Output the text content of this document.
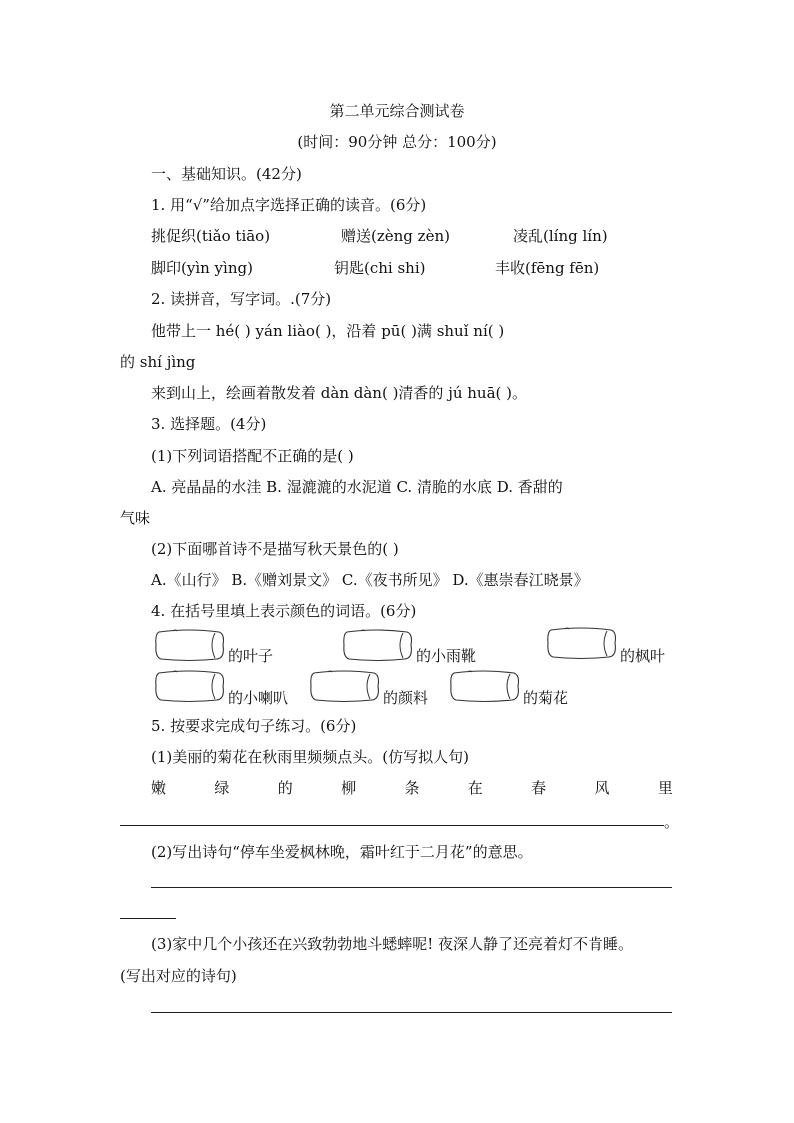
第二单元综合测试卷
(时间：90分钟 总分：100分)
一、基础知识。(42分)
1. 用“√”给加点字选择正确的读音。(6分)
挑促织(tiǎo tiāo)	赠送(zèng zèn)	凌乱(líng lín)
脚印(yìn yìng)	钥匙(chi shi)	丰收(fēng fēn)
2. 读拼音，写字词。.(7分)
他带上一 hé( ) yán liào( )，沿着 pū( )满 shuǐ ní( )
的 shí jìng
来到山上，绘画着散发着 dàn dàn( )清香的 jú huā( )。
3. 选择题。(4分)
(1)下列词语搭配不正确的是( )
A. 亮晶晶的水洼 B. 湿漉漉的水泥道 C. 清脆的水底 D. 香甜的
气味
(2)下面哪首诗不是描写秋天景色的( )
A.《山行》 B.《赠刘景文》 C.《夜书所见》 D.《惠崇春江晓景》
4. 在括号里填上表示颜色的词语。(6分)
的叶子	的小雨靴	的枫叶
的小喇叭	的颜料	的菊花
5. 按要求完成句子练习。(6分)
(1)美丽的菊花在秋雨里频频点头。(仿写拟人句)
嫩	绿	的	柳	条	在	春	风	里
。
(2)写出诗句“停车坐爱枫林晚，霜叶红于二月花”的意思。
(3)家中几个小孩还在兴致勃勃地斗蟋蟀呢! 夜深人静了还亮着灯不肯睡。
(写出对应的诗句)
